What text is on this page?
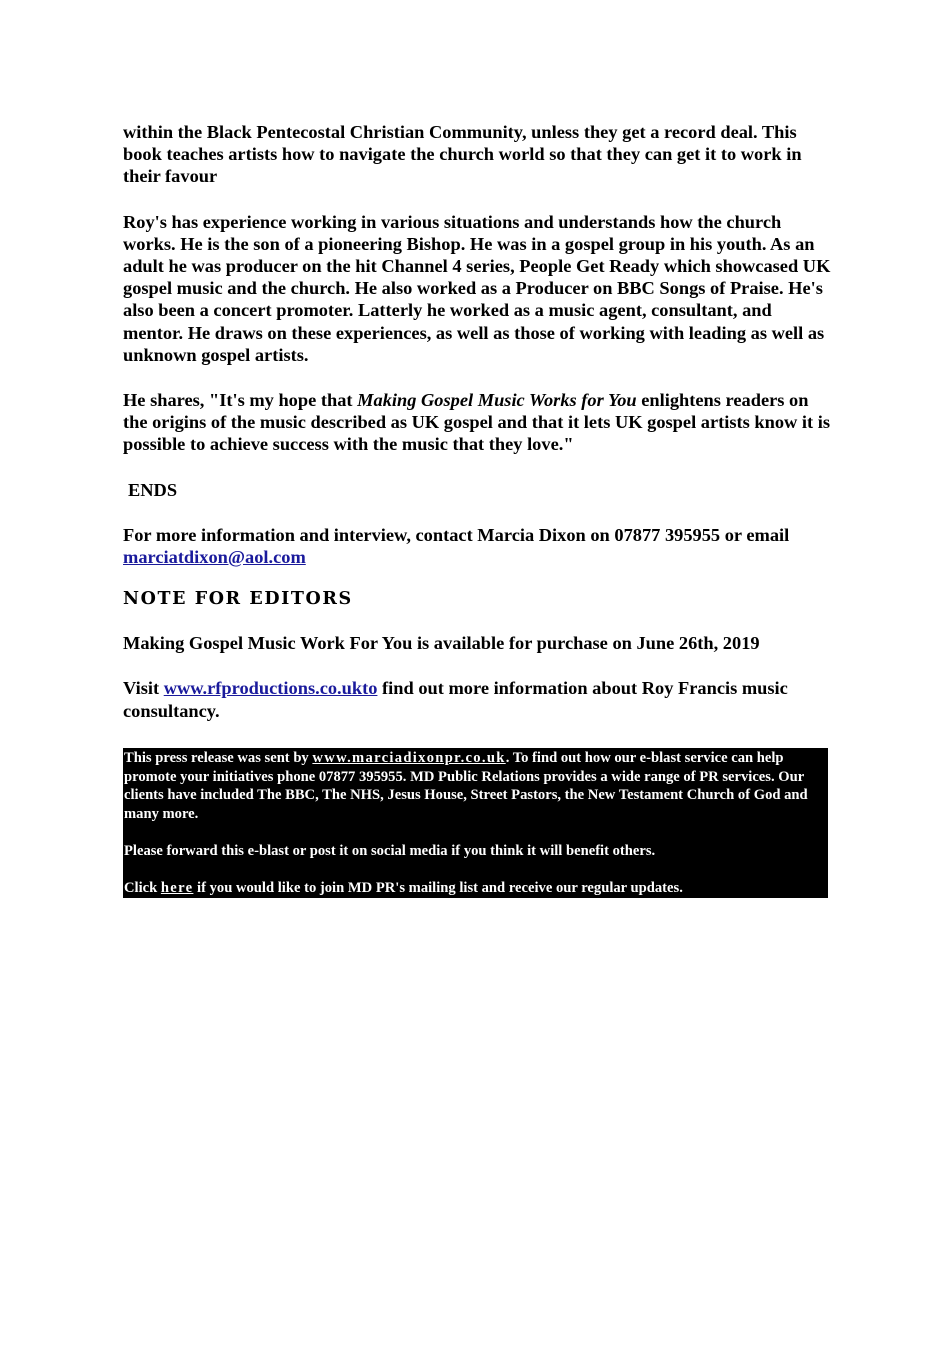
within the Black Pentecostal Christian Community, unless they get a record deal. This book teaches artists how to navigate the church world so that they can get it to work in their favour

Roy's has experience working in various situations and understands how the church works. He is the son of a pioneering Bishop. He was in a gospel group in his youth. As an adult he was producer on the hit Channel 4 series, People Get Ready which showcased UK gospel music and the church. He also worked as a Producer on BBC Songs of Praise. He's also been a concert promoter. Latterly he worked as a music agent, consultant, and mentor. He draws on these experiences, as well as those of working with leading as well as unknown gospel artists.

He shares, "It's my hope that Making Gospel Music Works for You enlightens readers on the origins of the music described as UK gospel and that it lets UK gospel artists know it is possible to achieve success with the music that they love."

ENDS

For more information and interview, contact Marcia Dixon on 07877 395955 or email marciatdixon@aol.com

NOTE FOR EDITORS

Making Gospel Music Work For You is available for purchase on June 26th, 2019

Visit www.rfproductions.co.ukto find out more information about Roy Francis music consultancy.

This press release was sent by www.marciadixonpr.co.uk. To find out how our e-blast service can help promote your initiatives phone 07877 395955. MD Public Relations provides a wide range of PR services. Our clients have included The BBC, The NHS, Jesus House, Street Pastors, the New Testament Church of God and many more.

Please forward this e-blast or post it on social media if you think it will benefit others.

Click here if you would like to join MD PR's mailing list and receive our regular updates.
